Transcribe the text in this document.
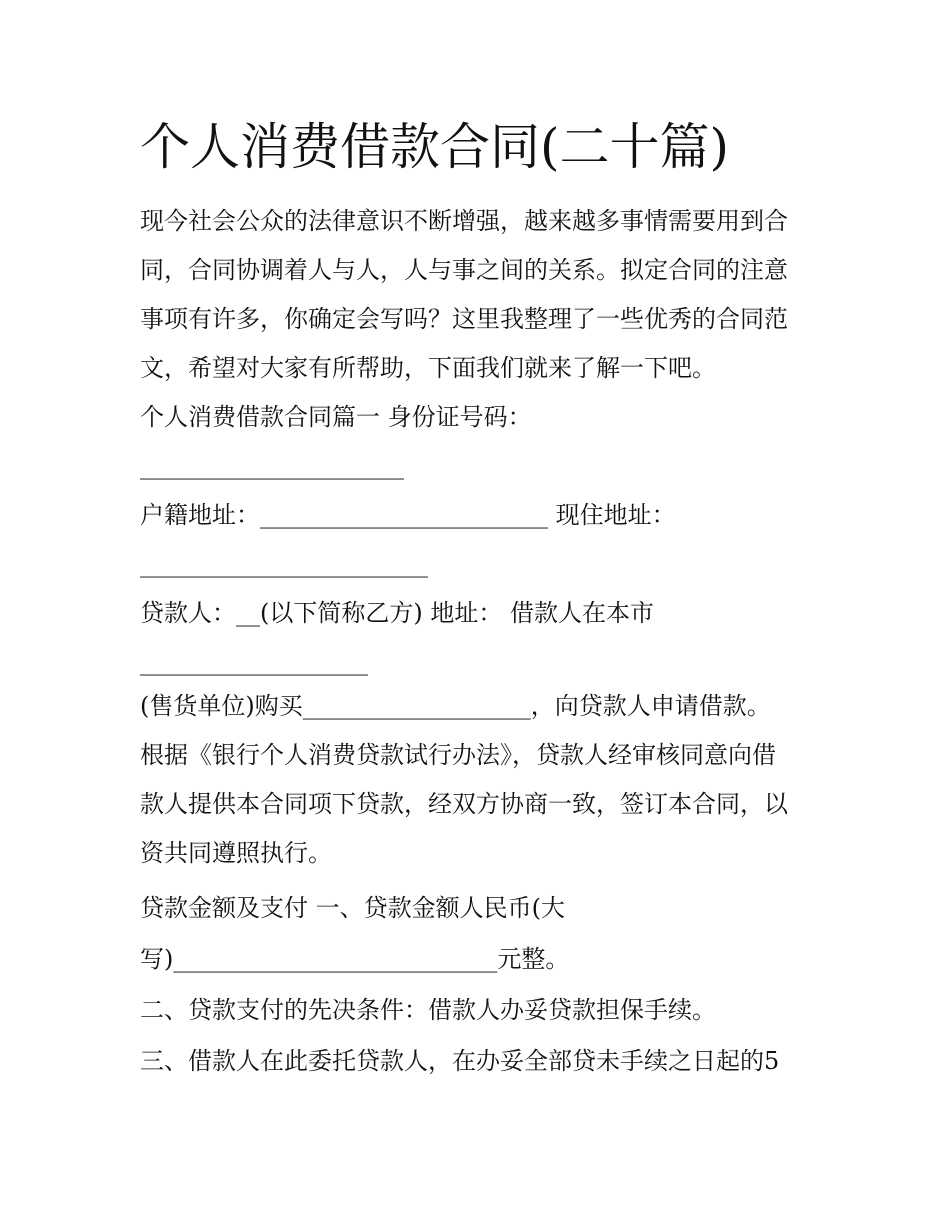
个人消费借款合同(二十篇)

现今社会公众的法律意识不断增强，越来越多事情需要用到合

同，合同协调着人与人，人与事之间的关系。拟定合同的注意

事项有许多，你确定会写吗？这里我整理了一些优秀的合同范

文，希望对大家有所帮助，下面我们就来了解一下吧。

个人消费借款合同篇一 身份证号码：

______________________

户籍地址：________________________ 现住地址：

________________________

贷款人：__(以下简称乙方) 地址： 借款人在本市

___________________

(售货单位)购买___________________，向贷款人申请借款。

根据《银行个人消费贷款试行办法》，贷款人经审核同意向借

款人提供本合同项下贷款，经双方协商一致，签订本合同，以

资共同遵照执行。

贷款金额及支付 一、贷款金额人民币(大

写)___________________________元整。

二、贷款支付的先决条件：借款人办妥贷款担保手续。

三、借款人在此委托贷款人，在办妥全部贷未手续之日起的5
